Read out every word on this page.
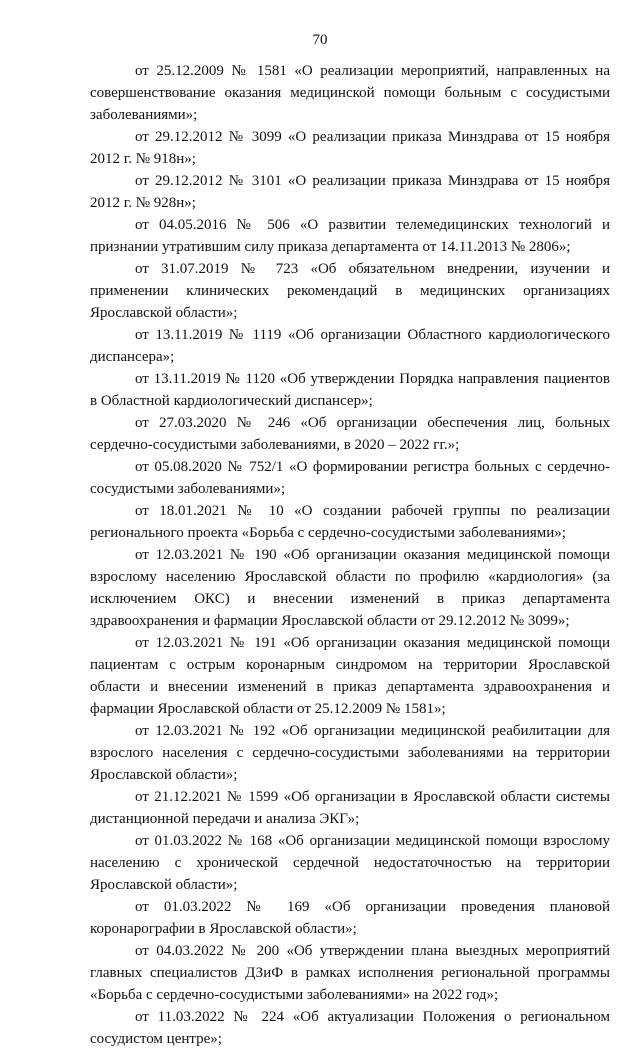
70

от 25.12.2009 № 1581 «О реализации мероприятий, направленных на совершенствование оказания медицинской помощи больным с сосудистыми заболеваниями»;

от 29.12.2012 № 3099 «О реализации приказа Минздрава от 15 ноября 2012 г. № 918н»;

от 29.12.2012 № 3101 «О реализации приказа Минздрава от 15 ноября 2012 г. № 928н»;

от 04.05.2016 № 506 «О развитии телемедицинских технологий и признании утратившим силу приказа департамента от 14.11.2013 № 2806»;

от 31.07.2019 № 723 «Об обязательном внедрении, изучении и применении клинических рекомендаций в медицинских организациях Ярославской области»;

от 13.11.2019 № 1119 «Об организации Областного кардиологического диспансера»;

от 13.11.2019 № 1120 «Об утверждении Порядка направления пациентов в Областной кардиологический диспансер»;

от 27.03.2020 № 246 «Об организации обеспечения лиц, больных сердечно-сосудистыми заболеваниями, в 2020 – 2022 гг.»;

от 05.08.2020 № 752/1 «О формировании регистра больных с сердечно-сосудистыми заболеваниями»;

от 18.01.2021 № 10 «О создании рабочей группы по реализации регионального проекта «Борьба с сердечно-сосудистыми заболеваниями»;

от 12.03.2021 № 190 «Об организации оказания медицинской помощи взрослому населению Ярославской области по профилю «кардиология» (за исключением ОКС) и внесении изменений в приказ департамента здравоохранения и фармации Ярославской области от 29.12.2012 № 3099»;

от 12.03.2021 № 191 «Об организации оказания медицинской помощи пациентам с острым коронарным синдромом на территории Ярославской области и внесении изменений в приказ департамента здравоохранения и фармации Ярославской области от 25.12.2009 № 1581»;

от 12.03.2021 № 192 «Об организации медицинской реабилитации для взрослого населения с сердечно-сосудистыми заболеваниями на территории Ярославской области»;

от 21.12.2021 № 1599 «Об организации в Ярославской области системы дистанционной передачи и анализа ЭКГ»;

от 01.03.2022 № 168 «Об организации медицинской помощи взрослому населению с хронической сердечной недостаточностью на территории Ярославской области»;

от 01.03.2022 № 169 «Об организации проведения плановой коронарографии в Ярославской области»;

от 04.03.2022 № 200 «Об утверждении плана выездных мероприятий главных специалистов ДЗиФ в рамках исполнения региональной программы «Борьба с сердечно-сосудистыми заболеваниями» на 2022 год»;

от 11.03.2022 № 224 «Об актуализации Положения о региональном сосудистом центре»;
